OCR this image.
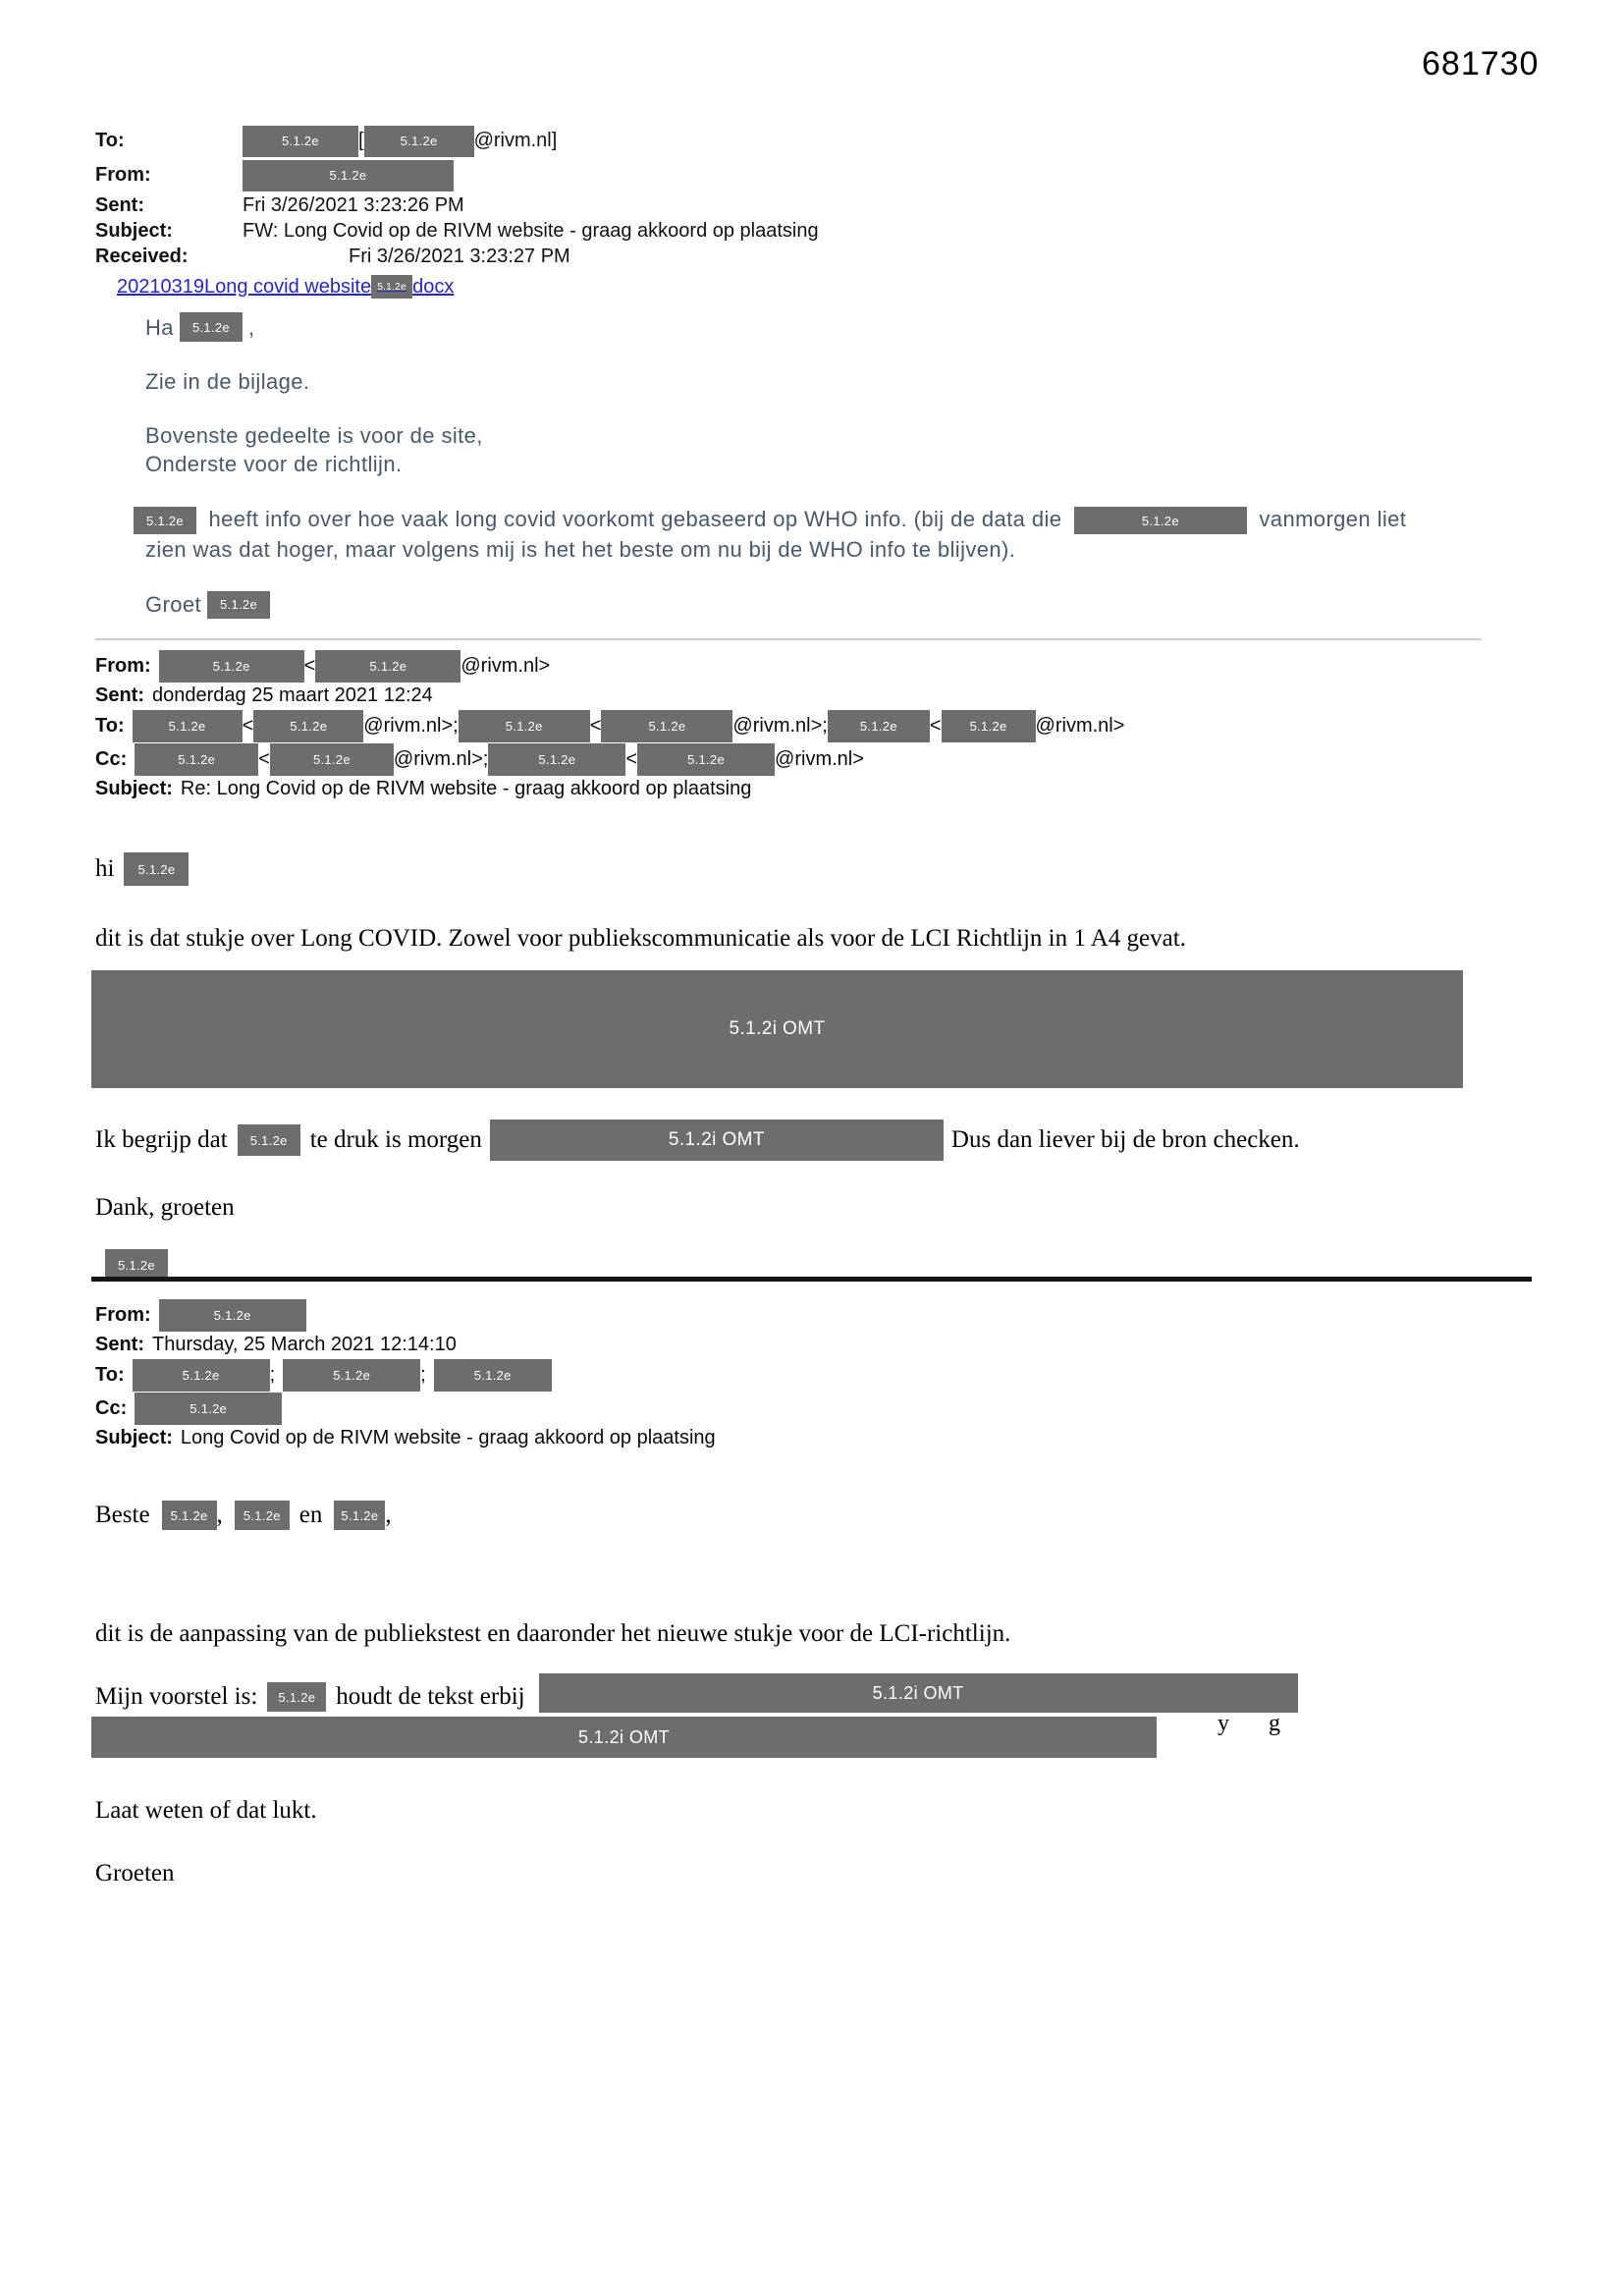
681730
To:	5.1.2e	[	5.1.2e	@rivm.nl]
From:	5.1.2e
Sent:	Fri 3/26/2021 3:23:26 PM
Subject:	FW: Long Covid op de RIVM website - graag akkoord op plaatsing
Received:	Fri 3/26/2021 3:23:27 PM
20210319Long covid website 5.1.2e docx
Ha	5.1.2e ,
Zie in de bijlage.
Bovenste gedeelte is voor de site,
Onderste voor de richtlijn.
5.1.2e heeft info over hoe vaak long covid voorkomt gebaseerd op WHO info. (bij de data die	5.1.2e	vanmorgen liet zien was dat hoger, maar volgens mij is het het beste om nu bij de WHO info te blijven).
Groet	5.1.2e
From:	5.1.2e	<	5.1.2e	@rivm.nl>
Sent: donderdag 25 maart 2021 12:24
To:	5.1.2e	<	5.1.2e	@rivm.nl>;	5.1.2e	<	5.1.2e	@rivm.nl>;	5.1.2e	<	5.1.2e	@rivm.nl>
Cc:	5.1.2e	<	5.1.2e	@rivm.nl>;	5.1.2e	<	5.1.2e	@rivm.nl>
Subject: Re: Long Covid op de RIVM website - graag akkoord op plaatsing
hi	5.1.2e
dit is dat stukje over Long COVID. Zowel voor publiekscommunicatie als voor de LCI Richtlijn in 1 A4 gevat.
5.1.2i OMT
Ik begrijp dat	5.1.2e te druk is morgen	5.1.2i OMT	Dus dan liever bij de bron checken.
Dank, groeten
5.1.2e
From:	5.1.2e
Sent: Thursday, 25 March 2021 12:14:10
To:	5.1.2e	;	5.1.2e	;	5.1.2e
Cc:	5.1.2e
Subject: Long Covid op de RIVM website - graag akkoord op plaatsing
Beste	5.1.2e ,	5.1.2e en	5.1.2e ,
dit is de aanpassing van de publiekstest en daaronder het nieuwe stukje voor de LCI-richtlijn.
Mijn voorstel is:	5.1.2e houdt de tekst erbij	5.1.2i OMT
5.1.2i OMT
Laat weten of dat lukt.
Groeten
y g
